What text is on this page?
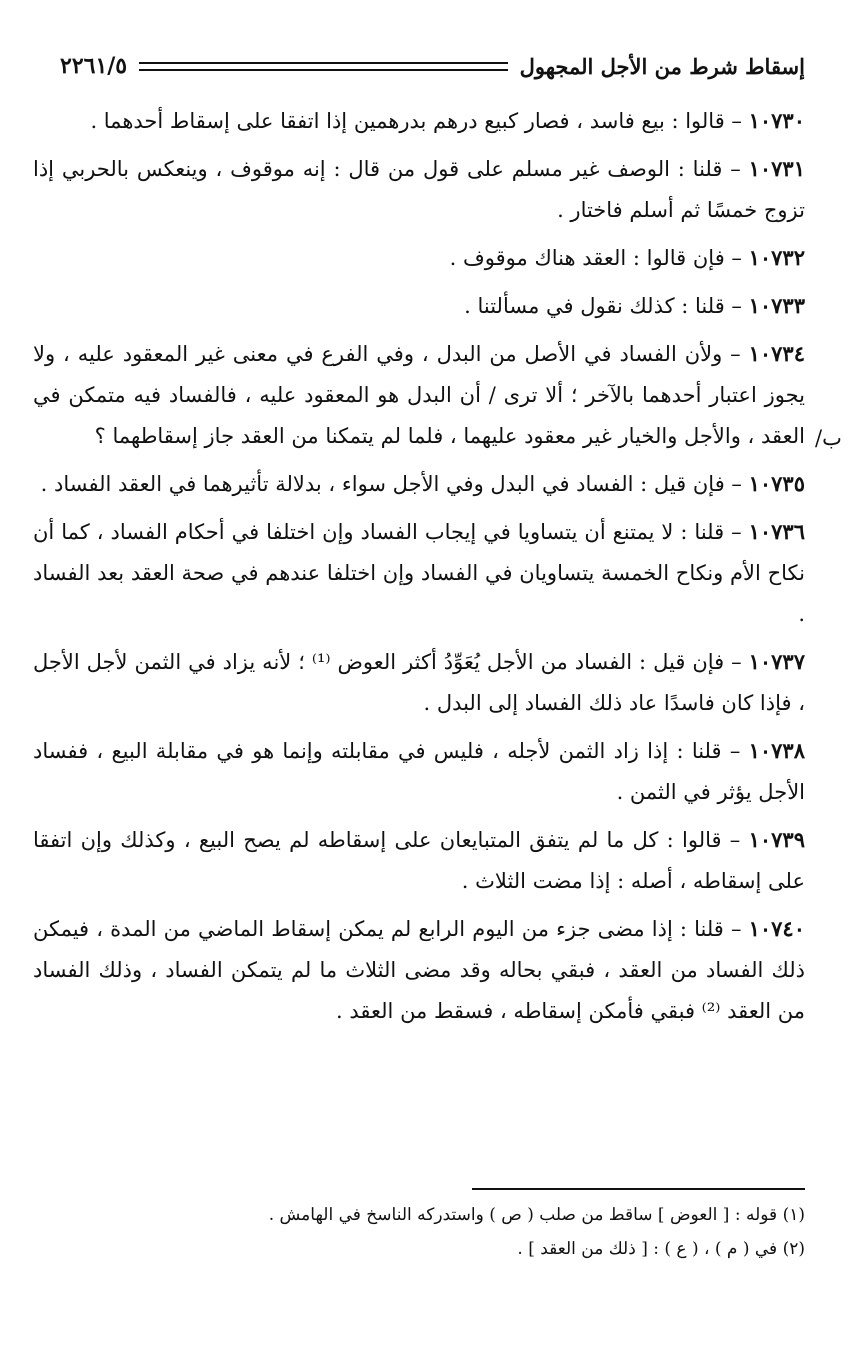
إسقاط شرط من الأجل المجهول
٢٢٦١/٥
/ب

١٠٧٣٠ – قالوا : بيع فاسد ، فصار كبيع درهم بدرهمين إذا اتفقا على إسقاط أحدهما .

١٠٧٣١ – قلنا : الوصف غير مسلم على قول من قال : إنه موقوف ، وينعكس بالحربي إذا تزوج خمسًا ثم أسلم فاختار .

١٠٧٣٢ – فإن قالوا : العقد هناك موقوف .

١٠٧٣٣ – قلنا : كذلك نقول في مسألتنا .

١٠٧٣٤ – ولأن الفساد في الأصل من البدل ، وفي الفرع في معنى غير المعقود عليه ، ولا يجوز اعتبار أحدهما بالآخر ؛ ألا ترى / أن البدل هو المعقود عليه ، فالفساد فيه متمكن في العقد ، والأجل والخيار غير معقود عليهما ، فلما لم يتمكنا من العقد جاز إسقاطهما ؟

١٠٧٣٥ – فإن قيل : الفساد في البدل وفي الأجل سواء ، بدلالة تأثيرهما في العقد الفساد .

١٠٧٣٦ – قلنا : لا يمتنع أن يتساويا في إيجاب الفساد وإن اختلفا في أحكام الفساد ، كما أن نكاح الأم ونكاح الخمسة يتساويان في الفساد وإن اختلفا عندهم في صحة العقد بعد الفساد .

١٠٧٣٧ – فإن قيل : الفساد من الأجل يُعَوِّدُ أكثر العوض ⁽¹⁾ ؛ لأنه يزاد في الثمن لأجل الأجل ، فإذا كان فاسدًا عاد ذلك الفساد إلى البدل .

١٠٧٣٨ – قلنا : إذا زاد الثمن لأجله ، فليس في مقابلته وإنما هو في مقابلة البيع ، ففساد الأجل يؤثر في الثمن .

١٠٧٣٩ – قالوا : كل ما لم يتفق المتبايعان على إسقاطه لم يصح البيع ، وكذلك وإن اتفقا على إسقاطه ، أصله : إذا مضت الثلاث .

١٠٧٤٠ – قلنا : إذا مضى جزء من اليوم الرابع لم يمكن إسقاط الماضي من المدة ، فيمكن ذلك الفساد من العقد ، فبقي بحاله وقد مضى الثلاث ما لم يتمكن الفساد ، وذلك الفساد من العقد ⁽²⁾ فبقي فأمكن إسقاطه ، فسقط من العقد .

(١) قوله : [ العوض ] ساقط من صلب ( ص ) واستدركه الناسخ في الهامش .

(٢) في ( م ) ، ( ع ) : [ ذلك من العقد ] .
